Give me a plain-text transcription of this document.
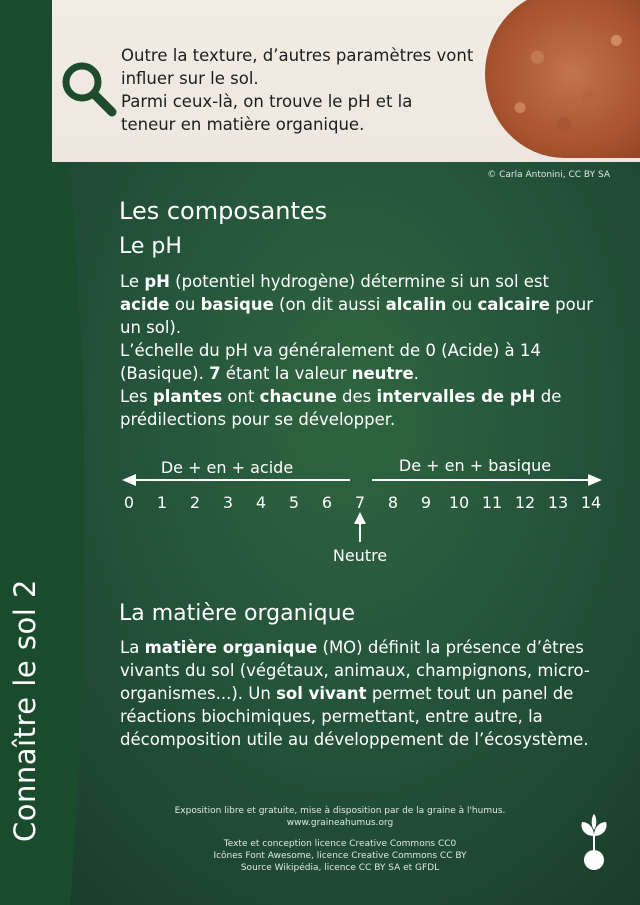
Outre la texture, d’autres paramètres vont
influer sur le sol.
Parmi ceux-là, on trouve le pH et la
teneur en matière organique.
© Carla Antonini, CC BY SA
Les composantes
Le pH

Le pH (potentiel hydrogène) détermine si un sol est acide ou basique (on dit aussi alcalin ou calcaire pour un sol).

L’échelle du pH va généralement de 0 (Acide) à 14 (Basique). 7 étant la valeur neutre.

Les plantes ont chacune des intervalles de pH de prédilections pour se développer.

De + en + acide	De + en + basique
0 1 2 3 4 5 6 7 8 9 10 11 12 13 14
Neutre
La matière organique

La matière organique (MO) définit la présence d’êtres vivants du sol (végétaux, animaux, champignons, micro-organismes...). Un sol vivant permet tout un panel de réactions biochimiques, permettant, entre autre, la décomposition utile au développement de l’écosystème.

Connaître le sol 2	Exposition libre et gratuite, mise à disposition par de la graine à l'humus.

www.graineahumus.org

Texte et conception licence Creative Commons CC0

Icônes Font Awesome, licence Creative Commons CC BY

Source Wikipédia, licence CC BY SA et GFDL
